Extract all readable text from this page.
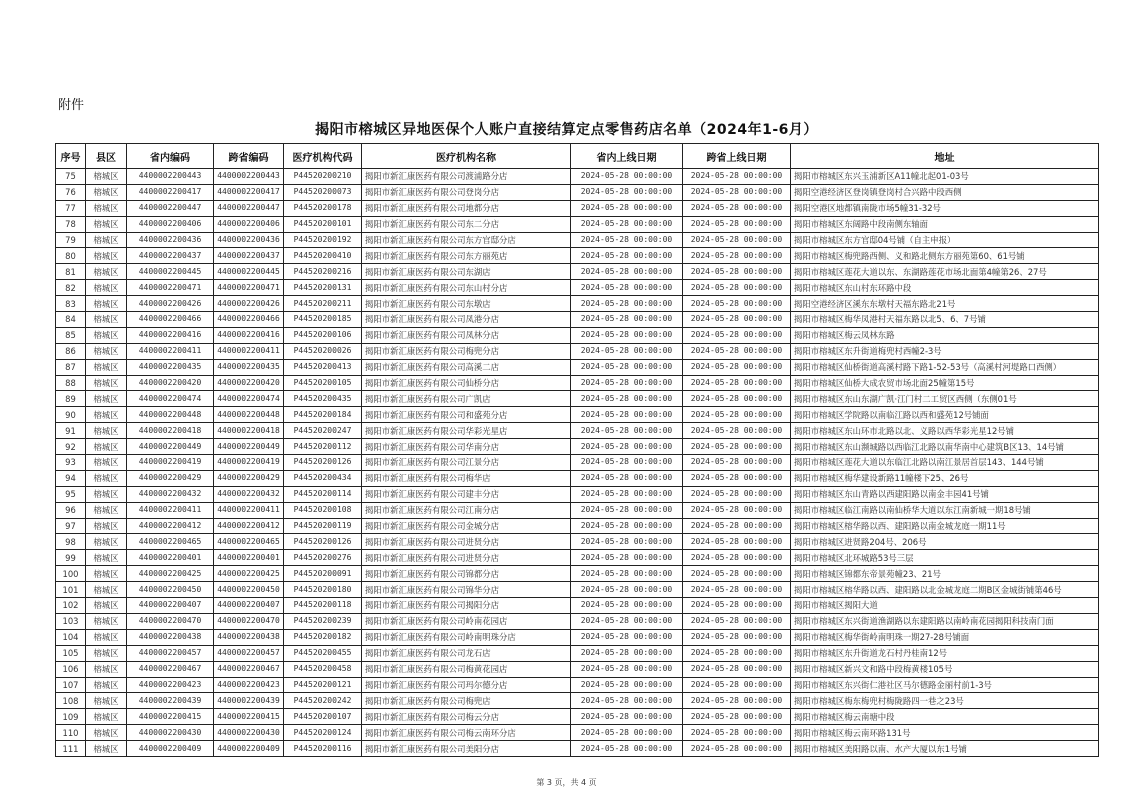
附件
揭阳市榕城区异地医保个人账户直接结算定点零售药店名单（2024年1-6月）
序号	县区	省内编码	跨省编码	医疗机构代码	医疗机构名称	省内上线日期	跨省上线日期	地址
75	榕城区	4400002200443	4400002200443	P44520200210	揭阳市新汇康医药有限公司渡浦路分店	2024-05-28 00:00:00	2024-05-28 00:00:00	揭阳市榕城区东兴玉浦新区A11幢北起01-03号
76	榕城区	4400002200417	4400002200417	P44520200073	揭阳市新汇康医药有限公司登岗分店	2024-05-28 00:00:00	2024-05-28 00:00:00	揭阳空港经济区登岗镇登岗村合兴路中段西侧
77	榕城区	4400002200447	4400002200447	P44520200178	揭阳市新汇康医药有限公司地都分店	2024-05-28 00:00:00	2024-05-28 00:00:00	揭阳空港区地都镇南陇市场5幢31-32号
78	榕城区	4400002200406	4400002200406	P44520200101	揭阳市新汇康医药有限公司东二分店	2024-05-28 00:00:00	2024-05-28 00:00:00	揭阳市榕城区东阔路中段南侧东轴面
79	榕城区	4400002200436	4400002200436	P44520200192	揭阳市新汇康医药有限公司东方官邸分店	2024-05-28 00:00:00	2024-05-28 00:00:00	揭阳市榕城区东方官邸04号铺（自主申报）
80	榕城区	4400002200437	4400002200437	P44520200410	揭阳市新汇康医药有限公司东方丽苑店	2024-05-28 00:00:00	2024-05-28 00:00:00	揭阳市榕城区梅兜路西侧、义和路北侧东方丽苑第60、61号铺
81	榕城区	4400002200445	4400002200445	P44520200216	揭阳市新汇康医药有限公司东湖店	2024-05-28 00:00:00	2024-05-28 00:00:00	揭阳市榕城区莲花大道以东、东湖路莲花市场北面第4幢第26、27号
82	榕城区	4400002200471	4400002200471	P44520200131	揭阳市新汇康医药有限公司东山村分店	2024-05-28 00:00:00	2024-05-28 00:00:00	揭阳市榕城区东山村东环路中段
83	榕城区	4400002200426	4400002200426	P44520200211	揭阳市新汇康医药有限公司东墩店	2024-05-28 00:00:00	2024-05-28 00:00:00	揭阳空港经济区溪东东墩村天福东路北21号
84	榕城区	4400002200466	4400002200466	P44520200185	揭阳市新汇康医药有限公司凤港分店	2024-05-28 00:00:00	2024-05-28 00:00:00	揭阳市榕城区梅华凤港村天福东路以北5、6、7号铺
85	榕城区	4400002200416	4400002200416	P44520200106	揭阳市新汇康医药有限公司凤林分店	2024-05-28 00:00:00	2024-05-28 00:00:00	揭阳市榕城区梅云凤林东路
86	榕城区	4400002200411	4400002200411	P44520200026	揭阳市新汇康医药有限公司梅兜分店	2024-05-28 00:00:00	2024-05-28 00:00:00	揭阳市榕城区东升街道梅兜村西幢2-3号
87	榕城区	4400002200435	4400002200435	P44520200413	揭阳市新汇康医药有限公司高溪二店	2024-05-28 00:00:00	2024-05-28 00:00:00	揭阳市榕城区仙桥街道高溪村路下路1-52-53号（高溪村河堤路口西侧）
88	榕城区	4400002200420	4400002200420	P44520200105	揭阳市新汇康医药有限公司仙桥分店	2024-05-28 00:00:00	2024-05-28 00:00:00	揭阳市榕城区仙桥大成农贸市场北面25幢第15号
89	榕城区	4400002200474	4400002200474	P44520200435	揭阳市新汇康医药有限公司广凯店	2024-05-28 00:00:00	2024-05-28 00:00:00	揭阳市榕城区东山东湖广凯·江门村二工贸区西侧（东侧01号
90	榕城区	4400002200448	4400002200448	P44520200184	揭阳市新汇康医药有限公司和盛苑分店	2024-05-28 00:00:00	2024-05-28 00:00:00	揭阳市榕城区学院路以南临江路以西和盛苑12号铺面
91	榕城区	4400002200418	4400002200418	P44520200247	揭阳市新汇康医药有限公司华彩光星店	2024-05-28 00:00:00	2024-05-28 00:00:00	揭阳市榕城区东山环市北路以北、义路以西华彩光星12号铺
92	榕城区	4400002200449	4400002200449	P44520200112	揭阳市新汇康医药有限公司华南分店	2024-05-28 00:00:00	2024-05-28 00:00:00	揭阳市榕城区东山濒城路以西临江北路以南华南中心建筑B区13、14号铺
93	榕城区	4400002200419	4400002200419	P44520200126	揭阳市新汇康医药有限公司江景分店	2024-05-28 00:00:00	2024-05-28 00:00:00	揭阳市榕城区莲花大道以东临江北路以南江景居首层143、144号铺
94	榕城区	4400002200429	4400002200429	P44520200434	揭阳市新汇康医药有限公司梅华店	2024-05-28 00:00:00	2024-05-28 00:00:00	揭阳市榕城区梅华建设新路11幢楼下25、26号
95	榕城区	4400002200432	4400002200432	P44520200114	揭阳市新汇康医药有限公司建丰分店	2024-05-28 00:00:00	2024-05-28 00:00:00	揭阳市榕城区东山青路以西建阳路以南金丰园41号铺
96	榕城区	4400002200411	4400002200411	P44520200108	揭阳市新汇康医药有限公司江南分店	2024-05-28 00:00:00	2024-05-28 00:00:00	揭阳市榕城区临江南路以南仙桥华大道以东江南新城一期18号铺
97	榕城区	4400002200412	4400002200412	P44520200119	揭阳市新汇康医药有限公司金城分店	2024-05-28 00:00:00	2024-05-28 00:00:00	揭阳市榕城区榕华路以西、建阳路以南金城龙庭一期11号
98	榕城区	4400002200465	4400002200465	P44520200126	揭阳市新汇康医药有限公司进贤分店	2024-05-28 00:00:00	2024-05-28 00:00:00	揭阳市榕城区进贤路204号、206号
99	榕城区	4400002200401	4400002200401	P44520200276	揭阳市新汇康医药有限公司进贤分店	2024-05-28 00:00:00	2024-05-28 00:00:00	揭阳市榕城区北环城路53号三层
100	榕城区	4400002200425	4400002200425	P44520200091	揭阳市新汇康医药有限公司锦都分店	2024-05-28 00:00:00	2024-05-28 00:00:00	揭阳市榕城区锦都东帝景苑幢23、21号
101	榕城区	4400002200450	4400002200450	P44520200180	揭阳市新汇康医药有限公司锦华分店	2024-05-28 00:00:00	2024-05-28 00:00:00	揭阳市榕城区榕华路以西、建阳路以北金城龙庭二期B区金城街铺第46号
102	榕城区	4400002200407	4400002200407	P44520200118	揭阳市新汇康医药有限公司揭阳分店	2024-05-28 00:00:00	2024-05-28 00:00:00	揭阳市榕城区揭阳大道
103	榕城区	4400002200470	4400002200470	P44520200239	揭阳市新汇康医药有限公司岭南花园店	2024-05-28 00:00:00	2024-05-28 00:00:00	揭阳市榕城区东兴街道渔湖路以东建阳路以南岭南花园揭阳科技南门面
104	榕城区	4400002200438	4400002200438	P44520200182	揭阳市新汇康医药有限公司岭南明珠分店	2024-05-28 00:00:00	2024-05-28 00:00:00	揭阳市榕城区梅华街岭南明珠一期27-28号铺面
105	榕城区	4400002200457	4400002200457	P44520200455	揭阳市新汇康医药有限公司龙石店	2024-05-28 00:00:00	2024-05-28 00:00:00	揭阳市榕城区东升街道龙石村丹桂南12号
106	榕城区	4400002200467	4400002200467	P44520200458	揭阳市新汇康医药有限公司梅黄花园店	2024-05-28 00:00:00	2024-05-28 00:00:00	揭阳市榕城区新兴文和路中段梅黄楼105号
107	榕城区	4400002200423	4400002200423	P44520200121	揭阳市新汇康医药有限公司玛尔德分店	2024-05-28 00:00:00	2024-05-28 00:00:00	揭阳市榕城区东兴街仁港社区马尔德路金丽村前1-3号
108	榕城区	4400002200439	4400002200439	P44520200242	揭阳市新汇康医药有限公司梅兜店	2024-05-28 00:00:00	2024-05-28 00:00:00	揭阳市榕城区梅东梅兜村梅陇路四一巷之23号
109	榕城区	4400002200415	4400002200415	P44520200107	揭阳市新汇康医药有限公司梅云分店	2024-05-28 00:00:00	2024-05-28 00:00:00	揭阳市榕城区梅云南塘中段
110	榕城区	4400002200430	4400002200430	P44520200124	揭阳市新汇康医药有限公司梅云南环分店	2024-05-28 00:00:00	2024-05-28 00:00:00	揭阳市榕城区梅云南环路131号
111	榕城区	4400002200409	4400002200409	P44520200116	揭阳市新汇康医药有限公司美阳分店	2024-05-28 00:00:00	2024-05-28 00:00:00	揭阳市榕城区美阳路以南、水产大厦以东1号铺
第 3 页，共 4 页
